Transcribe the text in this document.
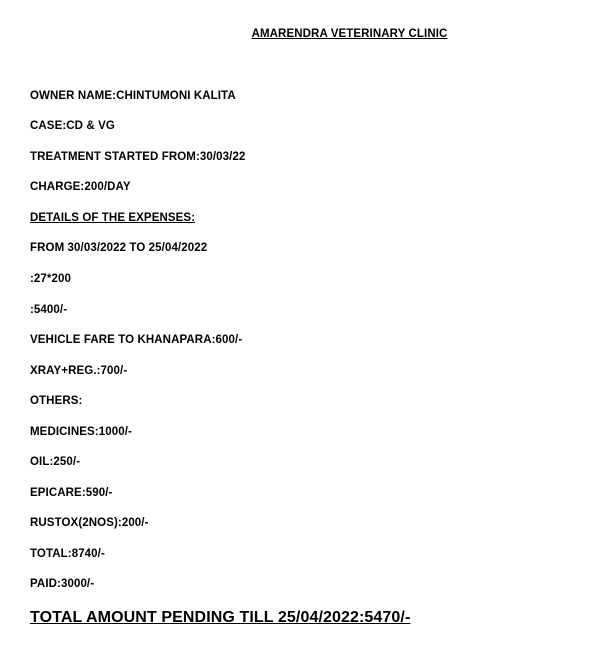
AMARENDRA VETERINARY CLINIC
OWNER NAME:CHINTUMONI KALITA
CASE:CD & VG
TREATMENT STARTED FROM:30/03/22
CHARGE:200/DAY
DETAILS OF THE EXPENSES:
FROM 30/03/2022 TO 25/04/2022
:27*200
:5400/-
VEHICLE FARE TO KHANAPARA:600/-
XRAY+REG.:700/-
OTHERS:
MEDICINES:1000/-
OIL:250/-
EPICARE:590/-
RUSTOX(2NOS):200/-
TOTAL:8740/-
PAID:3000/-
TOTAL AMOUNT PENDING TILL 25/04/2022:5470/-
